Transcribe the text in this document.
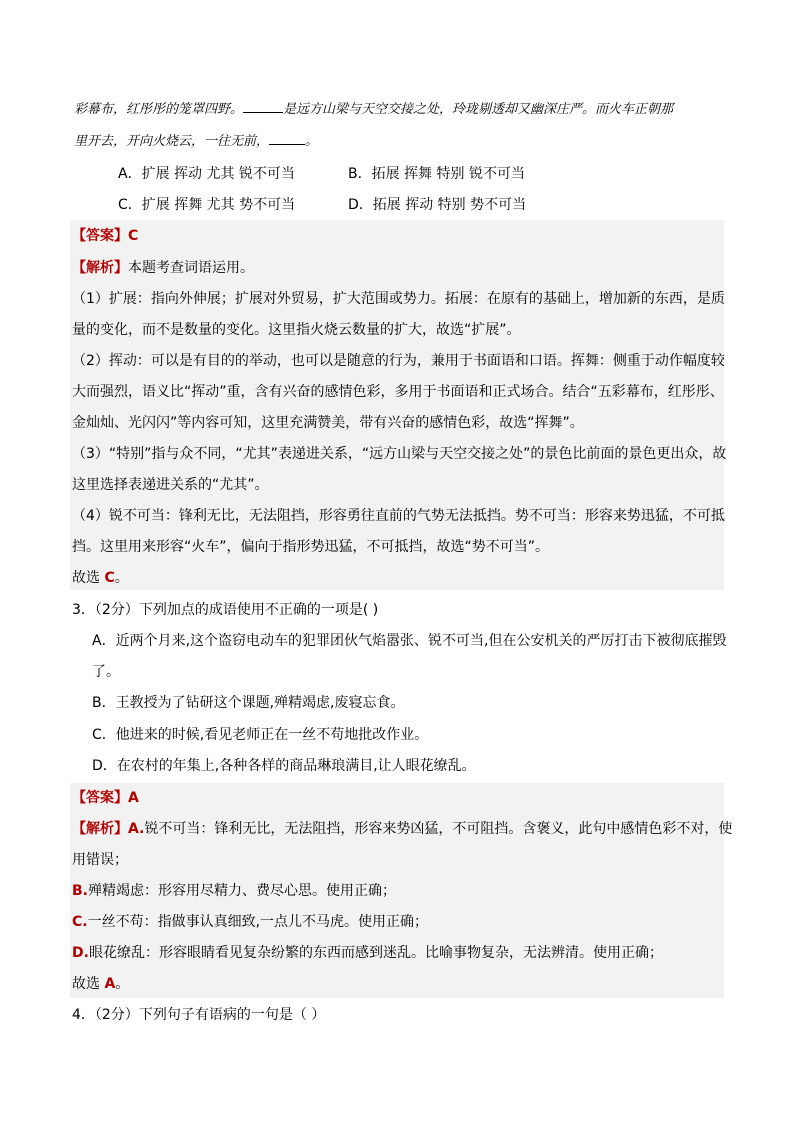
彩幕布，红彤彤的笼罩四野。	是远方山梁与天空交接之处，玲珑剔透却又幽深庄严。而火车正朝那
里开去，开向火烧云，一往无前，	。
A．扩展 挥动 尤其 锐不可当	B．拓展 挥舞 特别 锐不可当
C．扩展 挥舞 尤其 势不可当	D．拓展 挥动 特别 势不可当
【答案】C
【解析】本题考查词语运用。
（1）扩展：指向外伸展；扩展对外贸易，扩大范围或势力。拓展：在原有的基础上，增加新的东西，是质
量的变化，而不是数量的变化。这里指火烧云数量的扩大，故选“扩展”。
（2）挥动：可以是有目的的举动，也可以是随意的行为，兼用于书面语和口语。挥舞：侧重于动作幅度较
大而强烈，语义比“挥动”重，含有兴奋的感情色彩，多用于书面语和正式场合。结合“五彩幕布，红彤彤、
金灿灿、光闪闪”等内容可知，这里充满赞美，带有兴奋的感情色彩，故选“挥舞”。
（3）“特别”指与众不同，“尤其”表递进关系，“远方山梁与天空交接之处”的景色比前面的景色更出众，故
这里选择表递进关系的“尤其”。
（4）锐不可当：锋利无比，无法阻挡，形容勇往直前的气势无法抵挡。势不可当：形容来势迅猛，不可抵
挡。这里用来形容“火车”，偏向于指形势迅猛，不可抵挡，故选“势不可当”。
故选 C。
3．（2分）下列加点的成语使用不正确的一项是( )
A．近两个月来,这个盗窃电动车的犯罪团伙气焰嚣张、锐不可当,但在公安机关的严厉打击下被彻底摧毁
了。
B．王教授为了钻研这个课题,殚精竭虑,废寝忘食。
C．他进来的时候,看见老师正在一丝不苟地批改作业。
D．在农村的年集上,各种各样的商品琳琅满目,让人眼花缭乱。
【答案】A
【解析】A.锐不可当：锋利无比，无法阻挡，形容来势凶猛，不可阻挡。含褒义，此句中感情色彩不对，使
用错误；
B.殚精竭虑：形容用尽精力、费尽心思。使用正确；
C.一丝不苟：指做事认真细致,一点儿不马虎。使用正确；
D.眼花缭乱：形容眼睛看见复杂纷繁的东西而感到迷乱。比喻事物复杂，无法辨清。使用正确；
故选 A。
4．（2分）下列句子有语病的一句是（ ）
